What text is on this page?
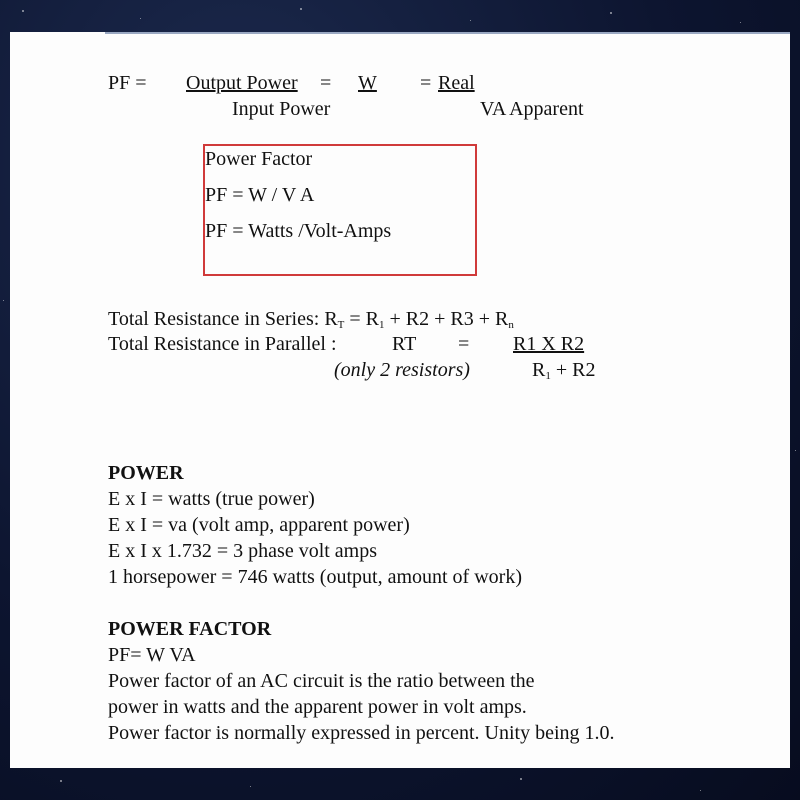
PF = Output Power = W = Real
Input Power	VA Apparent
Power Factor
PF = W / V A
PF = Watts /Volt-Amps
Total Resistance in Series: $R_T = R_1 + R2 + R3 + R_n$
Total Resistance in Parallel :	RT = R1 X R2
(only 2 resistors)	$R_1 + R2$
POWER
E x I = watts (true power)
E x I = va (volt amp, apparent power)
E x I x 1.732 = 3 phase volt amps
1 horsepower = 746 watts (output, amount of work)
POWER FACTOR
PF= W VA
Power factor of an AC circuit is the ratio between the
power in watts and the apparent power in volt amps.
Power factor is normally expressed in percent. Unity being 1.0.
